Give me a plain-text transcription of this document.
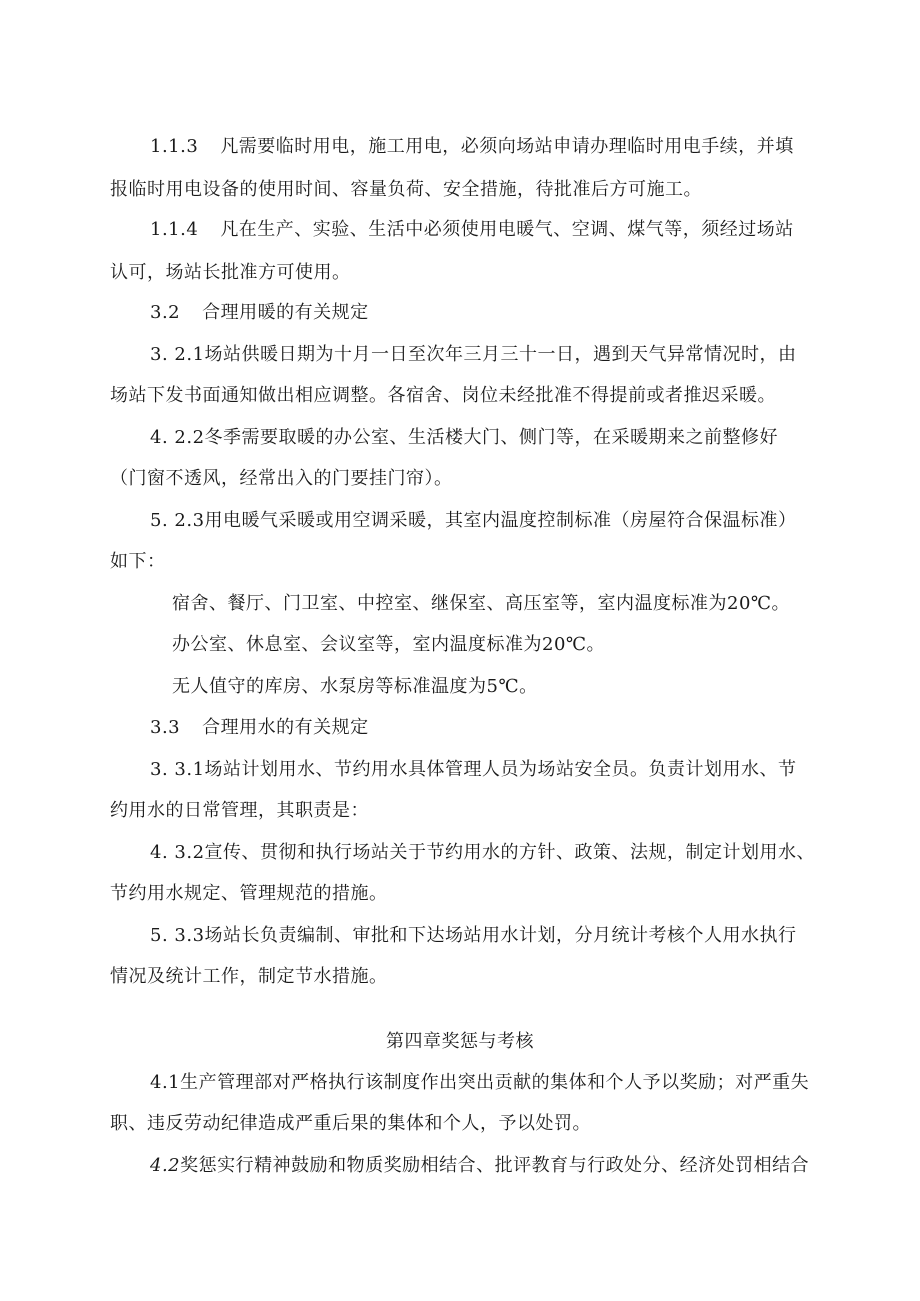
1.1.3 凡需要临时用电，施工用电，必须向场站申请办理临时用电手续，并填
报临时用电设备的使用时间、容量负荷、安全措施，待批准后方可施工。
1.1.4 凡在生产、实验、生活中必须使用电暖气、空调、煤气等，须经过场站
认可，场站长批准方可使用。
3.2 合理用暖的有关规定
3. 2.1场站供暖日期为十月一日至次年三月三十一日，遇到天气异常情况时，由
场站下发书面通知做出相应调整。各宿舍、岗位未经批准不得提前或者推迟采暖。
4. 2.2冬季需要取暖的办公室、生活楼大门、侧门等，在采暖期来之前整修好
（门窗不透风，经常出入的门要挂门帘）。
5. 2.3用电暖气采暖或用空调采暖，其室内温度控制标准（房屋符合保温标准）
如下：
宿舍、餐厅、门卫室、中控室、继保室、高压室等，室内温度标准为20℃。
办公室、休息室、会议室等，室内温度标准为20℃。
无人值守的库房、水泵房等标准温度为5℃。
3.3 合理用水的有关规定
3. 3.1场站计划用水、节约用水具体管理人员为场站安全员。负责计划用水、节
约用水的日常管理，其职责是：
4. 3.2宣传、贯彻和执行场站关于节约用水的方针、政策、法规，制定计划用水、
节约用水规定、管理规范的措施。
5. 3.3场站长负责编制、审批和下达场站用水计划，分月统计考核个人用水执行
情况及统计工作，制定节水措施。
第四章奖惩与考核
4.1生产管理部对严格执行该制度作出突出贡献的集体和个人予以奖励；对严重失
职、违反劳动纪律造成严重后果的集体和个人，予以处罚。
4.2奖惩实行精神鼓励和物质奖励相结合、批评教育与行政处分、经济处罚相结合
